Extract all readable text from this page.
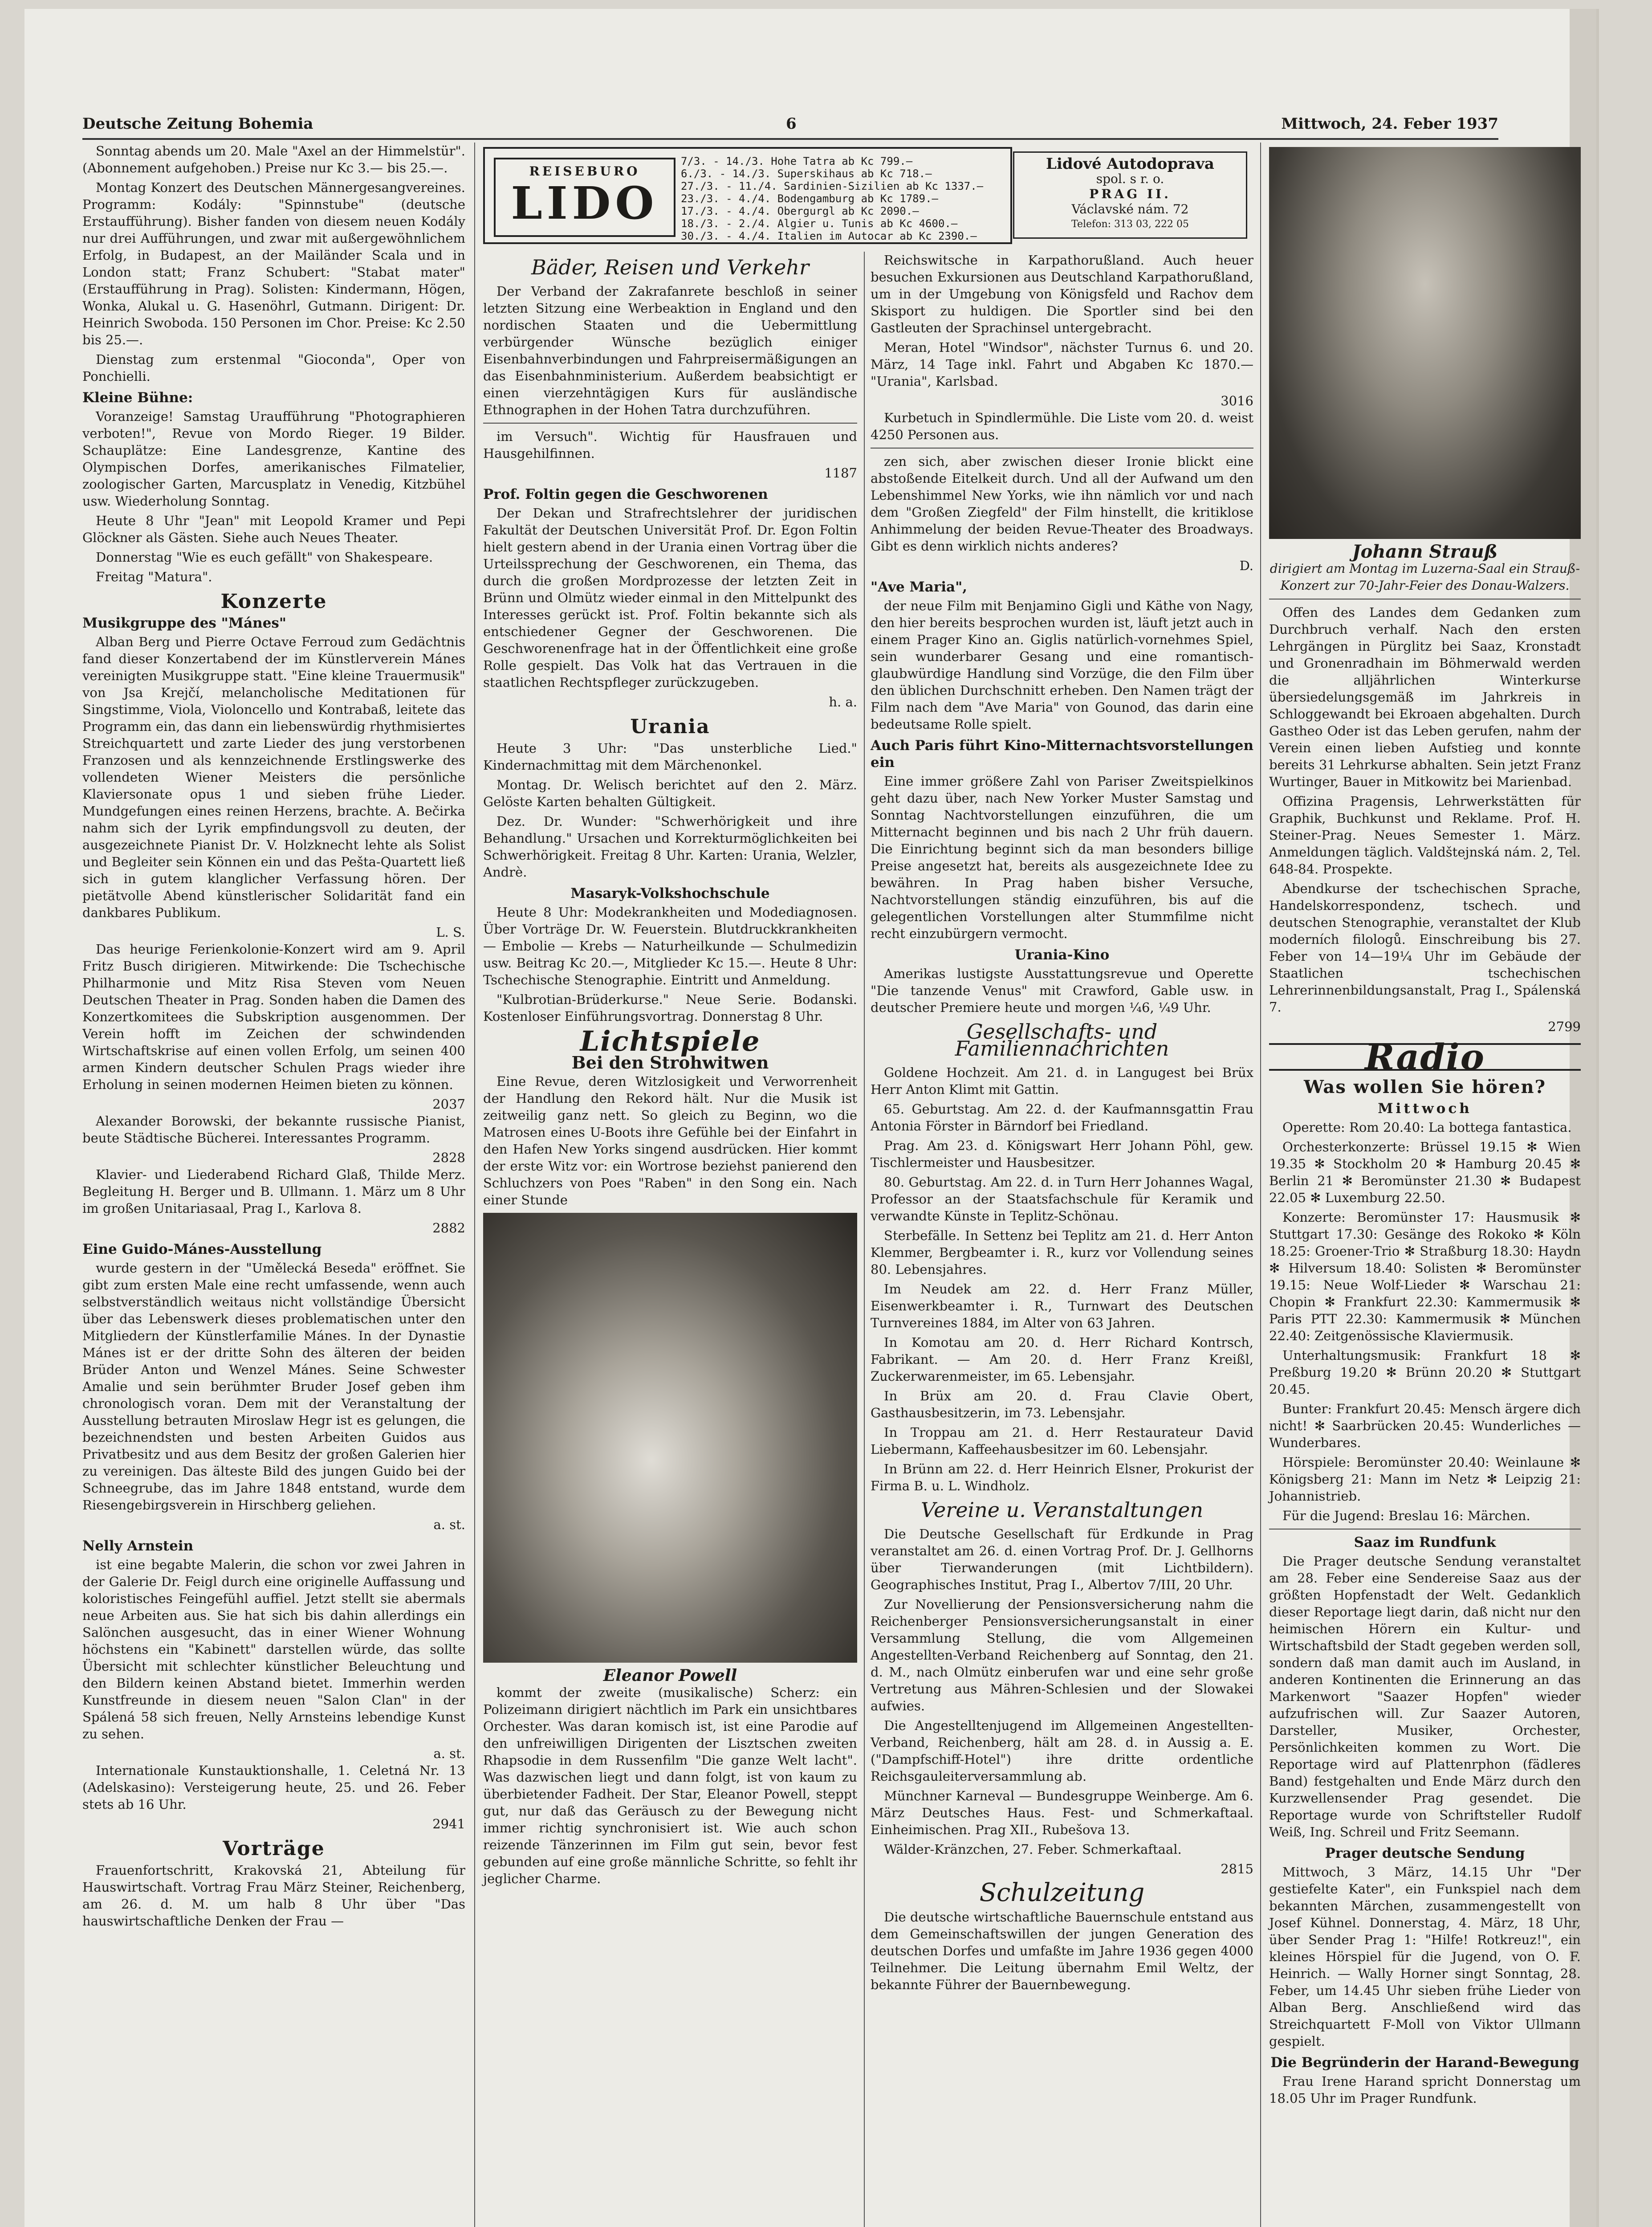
Deutsche Zeitung Bohemia	6	Mittwoch, 24. Feber 1937

Sonntag abends um 20. Male "Axel an der Himmelstür". (Abonnement aufgehoben.) Preise nur Kc 3.— bis 25.—.

Montag Konzert des Deutschen Männergesangvereines. Programm: Kodály: "Spinnstube" (deutsche Erstaufführung). Bisher fanden von diesem neuen Kodály nur drei Aufführungen, und zwar mit außergewöhnlichem Erfolg, in Budapest, an der Mailänder Scala und in London statt; Franz Schubert: "Stabat mater" (Erstaufführung in Prag). Solisten: Kindermann, Högen, Wonka, Alukal u. G. Hasenöhrl, Gutmann. Dirigent: Dr. Heinrich Swoboda. 150 Personen im Chor. Preise: Kc 2.50 bis 25.—.

Dienstag zum erstenmal "Gioconda", Oper von Ponchielli.

Kleine Bühne:

Voranzeige! Samstag Uraufführung "Photographieren verboten!", Revue von Mordo Rieger. 19 Bilder. Schauplätze: Eine Landesgrenze, Kantine des Olympischen Dorfes, amerikanisches Filmatelier, zoologischer Garten, Marcusplatz in Venedig, Kitzbühel usw. Wiederholung Sonntag.

Heute 8 Uhr "Jean" mit Leopold Kramer und Pepi Glöckner als Gästen. Siehe auch Neues Theater.

Donnerstag "Wie es euch gefällt" von Shakespeare.

Freitag "Matura".

Konzerte
Musikgruppe des "Mánes"

Alban Berg und Pierre Octave Ferroud zum Gedächtnis fand dieser Konzertabend der im Künstlerverein Mánes vereinigten Musikgruppe statt. "Eine kleine Trauermusik" von Jsa Krejčí, melancholische Meditationen für Singstimme, Viola, Violoncello und Kontrabaß, leitete das Programm ein, das dann ein liebenswürdig rhythmisiertes Streichquartett und zarte Lieder des jung verstorbenen Franzosen und als kennzeichnende Erstlingswerke des vollendeten Wiener Meisters die persönliche Klaviersonate opus 1 und sieben frühe Lieder. Mundgefungen eines reinen Herzens, brachte. A. Bečirka nahm sich der Lyrik empfindungsvoll zu deuten, der ausgezeichnete Pianist Dr. V. Holzknecht lehte als Solist und Begleiter sein Können ein und das Pešta-Quartett ließ sich in gutem klanglicher Verfassung hören. Der pietätvolle Abend künstlerischer Solidarität fand ein dankbares Publikum.

L. S.

Das heurige Ferienkolonie-Konzert wird am 9. April Fritz Busch dirigieren. Mitwirkende: Die Tschechische Philharmonie und Mitz Risa Steven vom Neuen Deutschen Theater in Prag. Sonden haben die Damen des Konzertkomitees die Subskription ausgenommen. Der Verein hofft im Zeichen der schwindenden Wirtschaftskrise auf einen vollen Erfolg, um seinen 400 armen Kindern deutscher Schulen Prags wieder ihre Erholung in seinen modernen Heimen bieten zu können.

2037

Alexander Borowski, der bekannte russische Pianist, beute Städtische Bücherei. Interessantes Programm.

2828

Klavier- und Liederabend Richard Glaß, Thilde Merz. Begleitung H. Berger und B. Ullmann. 1. März um 8 Uhr im großen Unitariasaal, Prag I., Karlova 8.

2882
Eine Guido-Mánes-Ausstellung

wurde gestern in der "Umělecká Beseda" eröffnet. Sie gibt zum ersten Male eine recht umfassende, wenn auch selbstverständlich weitaus nicht vollständige Übersicht über das Lebenswerk dieses problematischen unter den Mitgliedern der Künstlerfamilie Mánes. In der Dynastie Mánes ist er der dritte Sohn des älteren der beiden Brüder Anton und Wenzel Mánes. Seine Schwester Amalie und sein berühmter Bruder Josef geben ihm chronologisch voran. Dem mit der Veranstaltung der Ausstellung betrauten Miroslaw Hegr ist es gelungen, die bezeichnendsten und besten Arbeiten Guidos aus Privatbesitz und aus dem Besitz der großen Galerien hier zu vereinigen. Das älteste Bild des jungen Guido bei der Schneegrube, das im Jahre 1848 entstand, wurde dem Riesengebirgsverein in Hirschberg geliehen.

a. st.
Nelly Arnstein

ist eine begabte Malerin, die schon vor zwei Jahren in der Galerie Dr. Feigl durch eine originelle Auffassung und koloristisches Feingefühl auffiel. Jetzt stellt sie abermals neue Arbeiten aus. Sie hat sich bis dahin allerdings ein Salönchen ausgesucht, das in einer Wiener Wohnung höchstens ein "Kabinett" darstellen würde, das sollte Übersicht mit schlechter künstlicher Beleuchtung und den Bildern keinen Abstand bietet. Immerhin werden Kunstfreunde in diesem neuen "Salon Clan" in der Spálená 58 sich freuen, Nelly Arnsteins lebendige Kunst zu sehen.

a. st.

Internationale Kunstauktionshalle, 1. Celetná Nr. 13 (Adelskasino): Versteigerung heute, 25. und 26. Feber stets ab 16 Uhr.

2941
Vorträge

Frauenfortschritt, Krakovská 21, Abteilung für Hauswirtschaft. Vortrag Frau März Steiner, Reichenberg, am 26. d. M. um halb 8 Uhr über "Das hauswirtschaftliche Denken der Frau —

REISEBURO
LIDO
7/3. - 14./3. Hohe Tatra ab Kc 799.—
6./3. - 14./3. Superskihaus ab Kc 718.—
27./3. - 11./4. Sardinien-Sizilien ab Kc 1337.—
23./3. - 4./4. Bodengamburg ab Kc 1789.—
17./3. - 4./4. Obergurgl ab Kc 2090.—
18./3. - 2./4. Algier u. Tunis ab Kc 4600.—
30./3. - 4./4. Italien im Autocar ab Kc 2390.—
Lidové Autodoprava
spol. s r. o.
PRAG II.
Václavské nám. 72
Telefon: 313 03, 222 05
Bäder, Reisen und Verkehr

Der Verband der Zakrafanrete beschloß in seiner letzten Sitzung eine Werbeaktion in England und den nordischen Staaten und die Uebermittlung verbürgender Wünsche bezüglich einiger Eisenbahnverbindungen und Fahrpreisermäßigungen an das Eisenbahnministerium. Außerdem beabsichtigt er einen vierzehntägigen Kurs für ausländische Ethnographen in der Hohen Tatra durchzuführen.

im Versuch". Wichtig für Hausfrauen und Hausgehilfinnen.

1187
Prof. Foltin gegen die Geschworenen

Der Dekan und Strafrechtslehrer der juridischen Fakultät der Deutschen Universität Prof. Dr. Egon Foltin hielt gestern abend in der Urania einen Vortrag über die Urteilssprechung der Geschworenen, ein Thema, das durch die großen Mordprozesse der letzten Zeit in Brünn und Olmütz wieder einmal in den Mittelpunkt des Interesses gerückt ist. Prof. Foltin bekannte sich als entschiedener Gegner der Geschworenen. Die Geschworenenfrage hat in der Öffentlichkeit eine große Rolle gespielt. Das Volk hat das Vertrauen in die staatlichen Rechtspfleger zurückzugeben.

h. a.
Urania

Heute 3 Uhr: "Das unsterbliche Lied." Kindernachmittag mit dem Märchenonkel.

Montag. Dr. Welisch berichtet auf den 2. März. Gelöste Karten behalten Gültigkeit.

Dez. Dr. Wunder: "Schwerhörigkeit und ihre Behandlung." Ursachen und Korrekturmöglichkeiten bei Schwerhörigkeit. Freitag 8 Uhr. Karten: Urania, Welzler, Andrè.

Masaryk-Volkshochschule

Heute 8 Uhr: Modekrankheiten und Modediagnosen. Über Vorträge Dr. W. Feuerstein. Blutdruckkrankheiten — Embolie — Krebs — Naturheilkunde — Schulmedizin usw. Beitrag Kc 20.—, Mitglieder Kc 15.—. Heute 8 Uhr: Tschechische Stenographie. Eintritt und Anmeldung.

"Kulbrotian-Brüderkurse." Neue Serie. Bodanski. Kostenloser Einführungsvortrag. Donnerstag 8 Uhr.

Lichtspiele
Bei den Strohwitwen

Eine Revue, deren Witzlosigkeit und Verworrenheit der Handlung den Rekord hält. Nur die Musik ist zeitweilig ganz nett. So gleich zu Beginn, wo die Matrosen eines U-Boots ihre Gefühle bei der Einfahrt in den Hafen New Yorks singend ausdrücken. Hier kommt der erste Witz vor: ein Wortrose beziehst panierend den Schluchzers von Poes "Raben" in den Song ein. Nach einer Stunde

Eleanor Powell

kommt der zweite (musikalische) Scherz: ein Polizeimann dirigiert nächtlich im Park ein unsichtbares Orchester. Was daran komisch ist, ist eine Parodie auf den unfreiwilligen Dirigenten der Lisztschen zweiten Rhapsodie in dem Russenfilm "Die ganze Welt lacht". Was dazwischen liegt und dann folgt, ist von kaum zu überbietender Fadheit. Der Star, Eleanor Powell, steppt gut, nur daß das Geräusch zu der Bewegung nicht immer richtig synchronisiert ist. Wie auch schon reizende Tänzerinnen im Film gut sein, bevor fest gebunden auf eine große männliche Schritte, so fehlt ihr jeglicher Charme.

Reichswitsche in Karpathorußland. Auch heuer besuchen Exkursionen aus Deutschland Karpathorußland, um in der Umgebung von Königsfeld und Rachov dem Skisport zu huldigen. Die Sportler sind bei den Gastleuten der Sprachinsel untergebracht.

Meran, Hotel "Windsor", nächster Turnus 6. und 20. März, 14 Tage inkl. Fahrt und Abgaben Kc 1870.— "Urania", Karlsbad.

3016

Kurbetuch in Spindlermühle. Die Liste vom 20. d. weist 4250 Personen aus.

zen sich, aber zwischen dieser Ironie blickt eine abstoßende Eitelkeit durch. Und all der Aufwand um den Lebenshimmel New Yorks, wie ihn nämlich vor und nach dem "Großen Ziegfeld" der Film hinstellt, die kritiklose Anhimmelung der beiden Revue-Theater des Broadways. Gibt es denn wirklich nichts anderes?

D.
"Ave Maria",

der neue Film mit Benjamino Gigli und Käthe von Nagy, den hier bereits besprochen wurden ist, läuft jetzt auch in einem Prager Kino an. Giglis natürlich-vornehmes Spiel, sein wunderbarer Gesang und eine romantisch-glaubwürdige Handlung sind Vorzüge, die den Film über den üblichen Durchschnitt erheben. Den Namen trägt der Film nach dem "Ave Maria" von Gounod, das darin eine bedeutsame Rolle spielt.

Auch Paris führt Kino-Mitternachtsvorstellungen ein

Eine immer größere Zahl von Pariser Zweitspielkinos geht dazu über, nach New Yorker Muster Samstag und Sonntag Nachtvorstellungen einzuführen, die um Mitternacht beginnen und bis nach 2 Uhr früh dauern. Die Einrichtung beginnt sich da man besonders billige Preise angesetzt hat, bereits als ausgezeichnete Idee zu bewähren. In Prag haben bisher Versuche, Nachtvorstellungen ständig einzuführen, bis auf die gelegentlichen Vorstellungen alter Stummfilme nicht recht einzubürgern vermocht.

Urania-Kino

Amerikas lustigste Ausstattungsrevue und Operette "Die tanzende Venus" mit Crawford, Gable usw. in deutscher Premiere heute und morgen ¼6, ¼9 Uhr.

Gesellschafts- und Familiennachrichten

Goldene Hochzeit. Am 21. d. in Langugest bei Brüx Herr Anton Klimt mit Gattin.

65. Geburtstag. Am 22. d. der Kaufmannsgattin Frau Antonia Förster in Bärndorf bei Friedland.

Prag. Am 23. d. Königswart Herr Johann Pöhl, gew. Tischlermeister und Hausbesitzer.

80. Geburtstag. Am 22. d. in Turn Herr Johannes Wagal, Professor an der Staatsfachschule für Keramik und verwandte Künste in Teplitz-Schönau.

Sterbefälle. In Settenz bei Teplitz am 21. d. Herr Anton Klemmer, Bergbeamter i. R., kurz vor Vollendung seines 80. Lebensjahres.

Im Neudek am 22. d. Herr Franz Müller, Eisenwerkbeamter i. R., Turnwart des Deutschen Turnvereines 1884, im Alter von 63 Jahren.

In Komotau am 20. d. Herr Richard Kontrsch, Fabrikant. — Am 20. d. Herr Franz Kreißl, Zuckerwarenmeister, im 65. Lebensjahr.

In Brüx am 20. d. Frau Clavie Obert, Gasthausbesitzerin, im 73. Lebensjahr.

In Troppau am 21. d. Herr Restaurateur David Liebermann, Kaffeehausbesitzer im 60. Lebensjahr.

In Brünn am 22. d. Herr Heinrich Elsner, Prokurist der Firma B. u. L. Windholz.

Vereine u. Veranstaltungen

Die Deutsche Gesellschaft für Erdkunde in Prag veranstaltet am 26. d. einen Vortrag Prof. Dr. J. Gellhorns über Tierwanderungen (mit Lichtbildern). Geographisches Institut, Prag I., Albertov 7/III, 20 Uhr.

Zur Novellierung der Pensionsversicherung nahm die Reichenberger Pensionsversicherungsanstalt in einer Versammlung Stellung, die vom Allgemeinen Angestellten-Verband Reichenberg auf Sonntag, den 21. d. M., nach Olmütz einberufen war und eine sehr große Vertretung aus Mähren-Schlesien und der Slowakei aufwies.

Die Angestelltenjugend im Allgemeinen Angestellten-Verband, Reichenberg, hält am 28. d. in Aussig a. E. ("Dampfschiff-Hotel") ihre dritte ordentliche Reichsgauleiterversammlung ab.

Münchner Karneval — Bundesgruppe Weinberge. Am 6. März Deutsches Haus. Fest- und Schmerkaftaal. Einheimischen. Prag XII., Rubešova 13.

Wälder-Kränzchen, 27. Feber. Schmerkaftaal.

2815
Schulzeitung

Die deutsche wirtschaftliche Bauernschule entstand aus dem Gemeinschaftswillen der jungen Generation des deutschen Dorfes und umfaßte im Jahre 1936 gegen 4000 Teilnehmer. Die Leitung übernahm Emil Weltz, der bekannte Führer der Bauernbewegung.

Johann Strauß
dirigiert am Montag im Luzerna-Saal ein Strauß-Konzert zur 70-Jahr-Feier des Donau-Walzers.

Offen des Landes dem Gedanken zum Durchbruch verhalf. Nach den ersten Lehrgängen in Pürglitz bei Saaz, Kronstadt und Gronenradhain im Böhmerwald werden die alljährlichen Winterkurse übersiedelungsgemäß im Jahrkreis in Schloggewandt bei Ekroaen abgehalten. Durch Gastheo Oder ist das Leben gerufen, nahm der Verein einen lieben Aufstieg und konnte bereits 31 Lehrkurse abhalten. Sein jetzt Franz Wurtinger, Bauer in Mitkowitz bei Marienbad.

Offizina Pragensis, Lehrwerkstätten für Graphik, Buchkunst und Reklame. Prof. H. Steiner-Prag. Neues Semester 1. März. Anmeldungen täglich. Valdštejnská nám. 2, Tel. 648-84. Prospekte.

Abendkurse der tschechischen Sprache, Handelskorrespondenz, tschech. und deutschen Stenographie, veranstaltet der Klub moderních filologů. Einschreibung bis 27. Feber von 14—19¼ Uhr im Gebäude der Staatlichen tschechischen Lehrerinnenbildungsanstalt, Prag I., Spálenská 7.

2799
Radio
Was wollen Sie hören?
Mittwoch

Operette: Rom 20.40: La bottega fantastica.

Orchesterkonzerte: Brüssel 19.15 ✻ Wien 19.35 ✻ Stockholm 20 ✻ Hamburg 20.45 ✻ Berlin 21 ✻ Beromünster 21.30 ✻ Budapest 22.05 ✻ Luxemburg 22.50.

Konzerte: Beromünster 17: Hausmusik ✻ Stuttgart 17.30: Gesänge des Rokoko ✻ Köln 18.25: Groener-Trio ✻ Straßburg 18.30: Haydn ✻ Hilversum 18.40: Solisten ✻ Beromünster 19.15: Neue Wolf-Lieder ✻ Warschau 21: Chopin ✻ Frankfurt 22.30: Kammermusik ✻ Paris PTT 22.30: Kammermusik ✻ München 22.40: Zeitgenössische Klaviermusik.

Unterhaltungsmusik: Frankfurt 18 ✻ Preßburg 19.20 ✻ Brünn 20.20 ✻ Stuttgart 20.45.

Bunter: Frankfurt 20.45: Mensch ärgere dich nicht! ✻ Saarbrücken 20.45: Wunderliches — Wunderbares.

Hörspiele: Beromünster 20.40: Weinlaune ✻ Königsberg 21: Mann im Netz ✻ Leipzig 21: Johannistrieb.

Für die Jugend: Breslau 16: Märchen.

Saaz im Rundfunk

Die Prager deutsche Sendung veranstaltet am 28. Feber eine Sendereise Saaz aus der größten Hopfenstadt der Welt. Gedanklich dieser Reportage liegt darin, daß nicht nur den heimischen Hörern ein Kultur- und Wirtschaftsbild der Stadt gegeben werden soll, sondern daß man damit auch im Ausland, in anderen Kontinenten die Erinnerung an das Markenwort "Saazer Hopfen" wieder aufzufrischen will. Zur Saazer Autoren, Darsteller, Musiker, Orchester, Persönlichkeiten kommen zu Wort. Die Reportage wird auf Plattenrphon (fädleres Band) festgehalten und Ende März durch den Kurzwellensender Prag gesendet. Die Reportage wurde von Schriftsteller Rudolf Weiß, Ing. Schreil und Fritz Seemann.

Prager deutsche Sendung

Mittwoch, 3 März, 14.15 Uhr "Der gestiefelte Kater", ein Funkspiel nach dem bekannten Märchen, zusammengestellt von Josef Kühnel. Donnerstag, 4. März, 18 Uhr, über Sender Prag 1: "Hilfe! Rotkreuz!", ein kleines Hörspiel für die Jugend, von O. F. Heinrich. — Wally Horner singt Sonntag, 28. Feber, um 14.45 Uhr sieben frühe Lieder von Alban Berg. Anschließend wird das Streichquartett F-Moll von Viktor Ullmann gespielt.

Die Begründerin der Harand-Bewegung

Frau Irene Harand spricht Donnerstag um 18.05 Uhr im Prager Rundfunk.
